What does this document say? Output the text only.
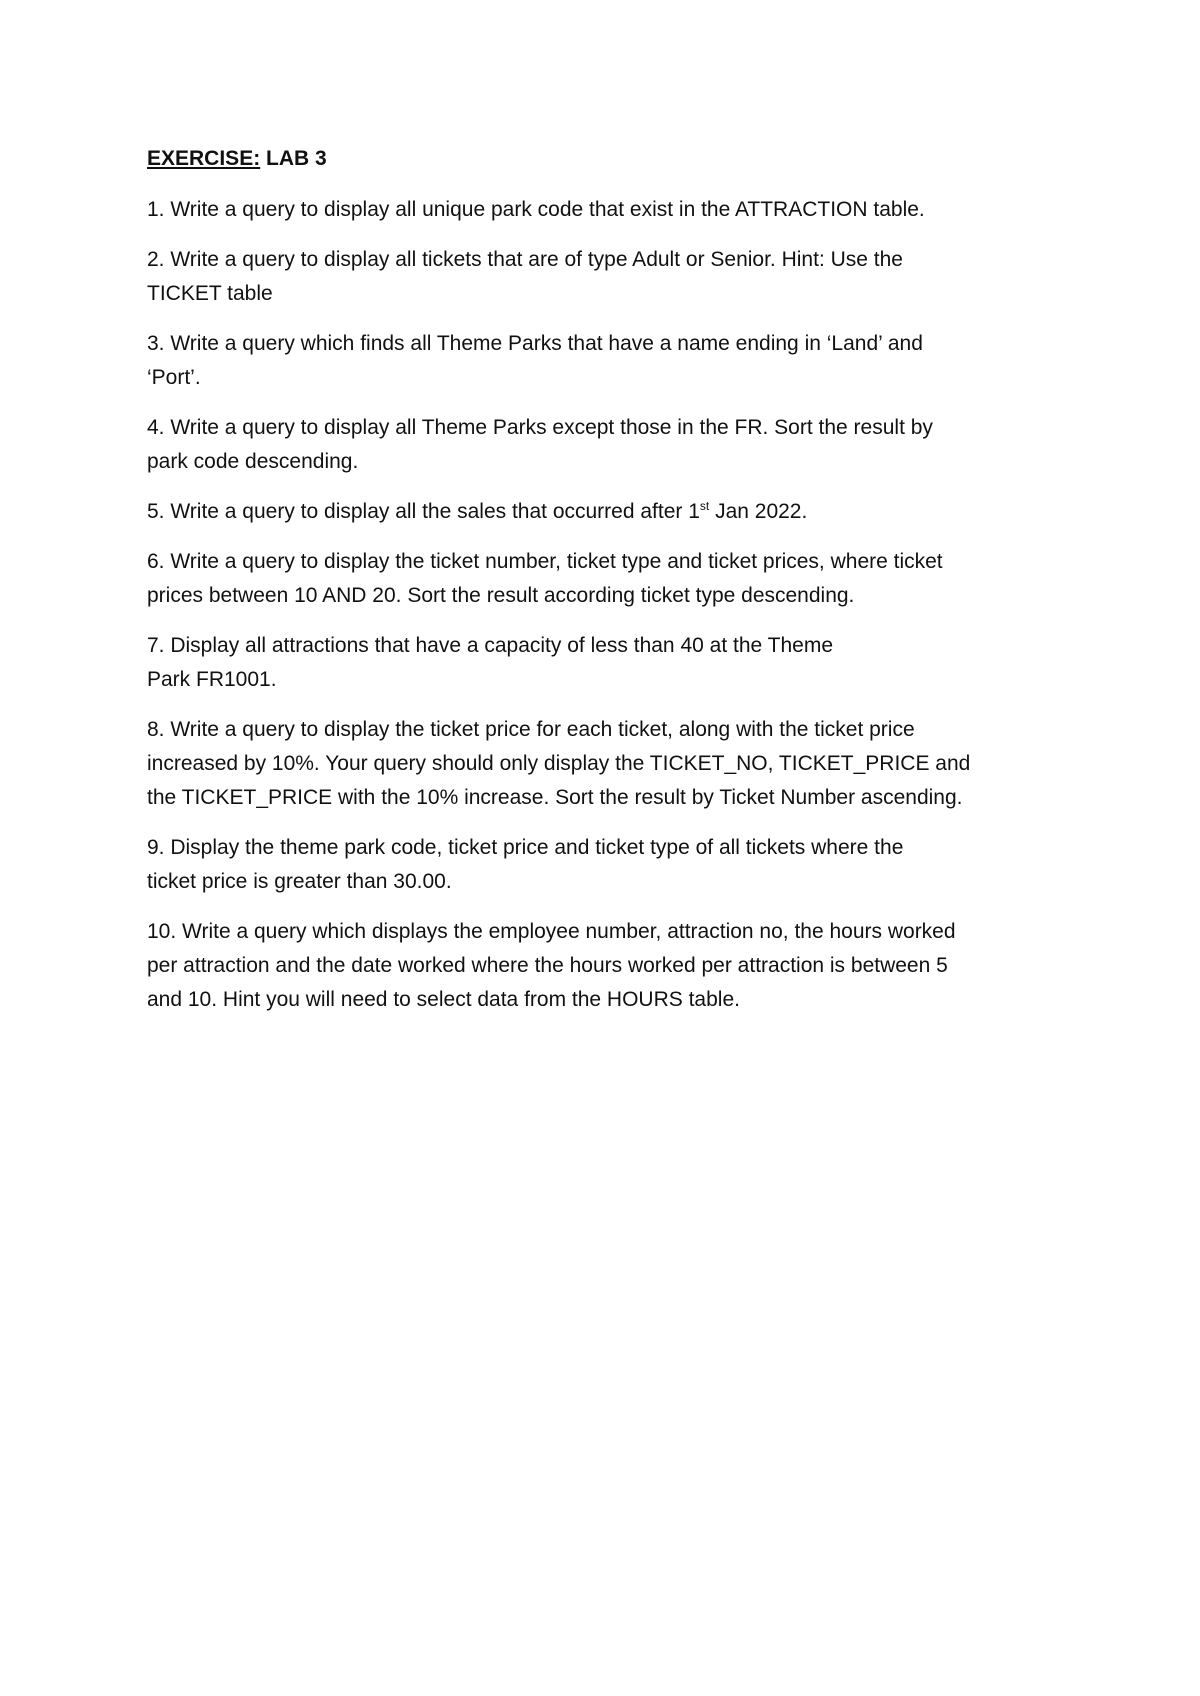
EXERCISE: LAB 3
1. Write a query to display all unique park code that exist in the ATTRACTION table.
2. Write a query to display all tickets that are of type Adult or Senior. Hint: Use the
TICKET table
3. Write a query which finds all Theme Parks that have a name ending in ‘Land’ and
‘Port’.
4. Write a query to display all Theme Parks except those in the FR. Sort the result by
park code descending.
5. Write a query to display all the sales that occurred after 1st Jan 2022.
6. Write a query to display the ticket number, ticket type and ticket prices, where ticket
prices between 10 AND 20. Sort the result according ticket type descending.
7. Display all attractions that have a capacity of less than 40 at the Theme
Park FR1001.
8. Write a query to display the ticket price for each ticket, along with the ticket price
increased by 10%. Your query should only display the TICKET_NO, TICKET_PRICE and
the TICKET_PRICE with the 10% increase. Sort the result by Ticket Number ascending.
9. Display the theme park code, ticket price and ticket type of all tickets where the
ticket price is greater than 30.00.
10. Write a query which displays the employee number, attraction no, the hours worked
per attraction and the date worked where the hours worked per attraction is between 5
and 10. Hint you will need to select data from the HOURS table.
